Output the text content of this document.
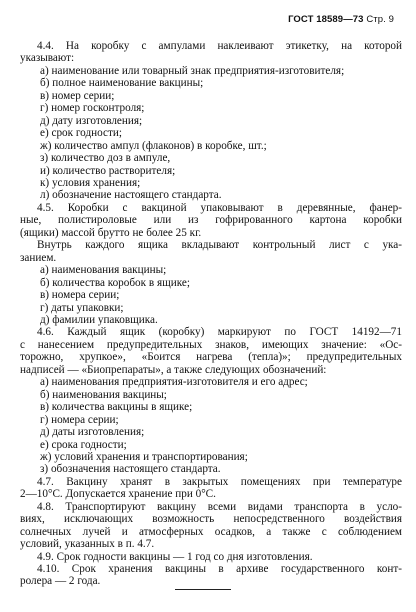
ГОСТ 18589—73 Стр. 9

4.4. На коробку с ампулами наклеивают этикетку, на которой

указывают:

а) наименование или товарный знак предприятия-изготовителя;

б) полное наименование вакцины;

в) номер серии;

г) номер госконтроля;

д) дату изготовления;

е) срок годности;

ж) количество ампул (флаконов) в коробке, шт.;

з) количество доз в ампуле,

и) количество растворителя;

к) условия хранения;

л) обозначение настоящего стандарта.

4.5. Коробки с вакциной упаковывают в деревянные, фанер-

ные, полистироловые или из гофрированного картона коробки

(ящики) массой брутто не более 25 кг.

Внутрь каждого ящика вкладывают контрольный лист с ука-

занием.

а) наименования вакцины;

б) количества коробок в ящике;

в) номера серии;

г) даты упаковки;

д) фамилии упаковщика.

4.6. Каждый ящик (коробку) маркируют по ГОСТ 14192—71

с нанесением предупредительных знаков, имеющих значение: «Ос-

торожно, хрупкое», «Боится нагрева (тепла)»; предупредительных

надписей — «Биопрепараты», а также следующих обозначений:

а) наименования предприятия-изготовителя и его адрес;

б) наименования вакцины;

в) количества вакцины в ящике;

г) номера серии;

д) даты изготовления;

е) срока годности;

ж) условий хранения и транспортирования;

з) обозначения настоящего стандарта.

4.7. Вакцину хранят в закрытых помещениях при температуре

2—10°С. Допускается хранение при 0°С.

4.8. Транспортируют вакцину всеми видами транспорта в усло-

виях, исключающих возможность непосредственного воздействия

солнечных лучей и атмосферных осадков, а также с соблюдением

условий, указанных в п. 4.7.

4.9. Срок годности вакцины — 1 год со дня изготовления.

4.10. Срок хранения вакцины в архиве государственного конт-

ролера — 2 года.
